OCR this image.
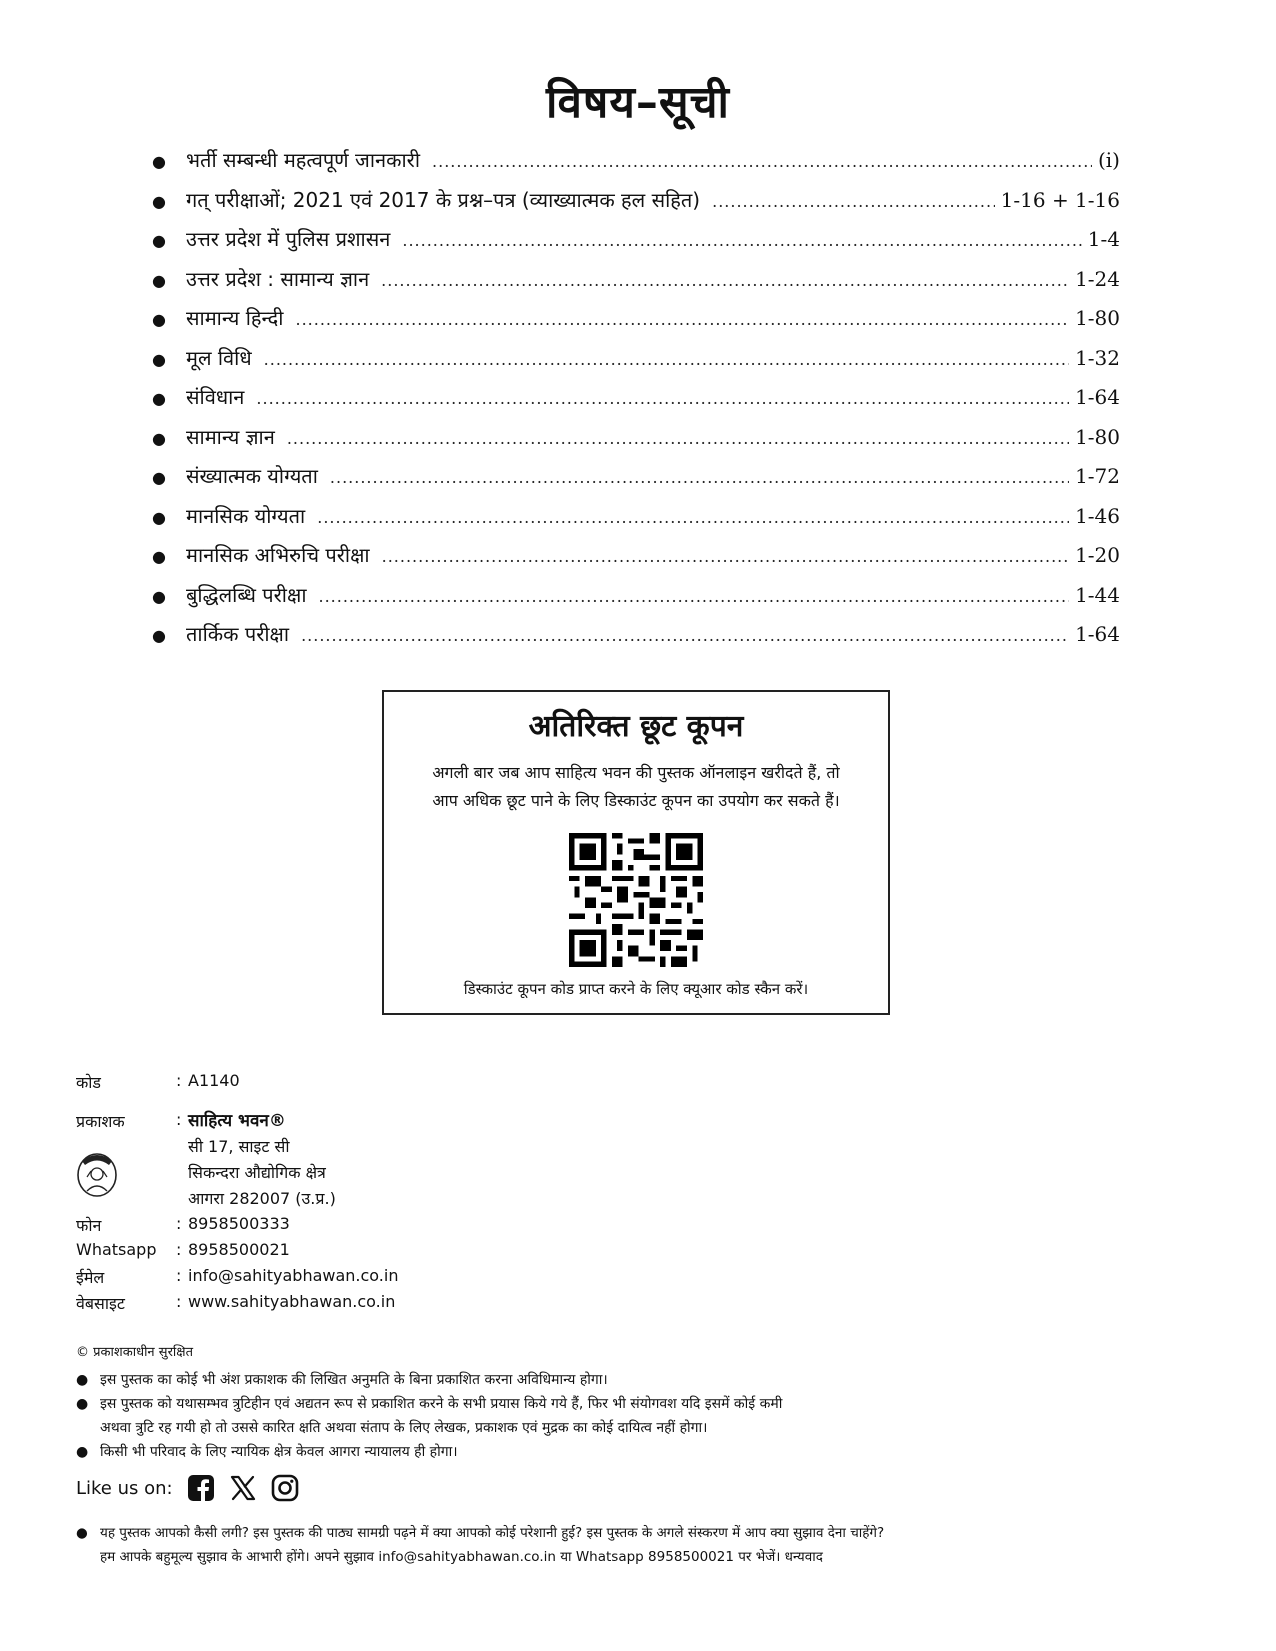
विषय–सूची
●	भर्ती सम्बन्धी महत्वपूर्ण जानकारी .....	(i)
●	गत् परीक्षाओं; 2021 एवं 2017 के प्रश्न–पत्र (व्याख्यात्मक हल सहित) .....	1-16 + 1-16
●	उत्तर प्रदेश में पुलिस प्रशासन .....	1-4
●	उत्तर प्रदेश : सामान्य ज्ञान .....	1-24
●	सामान्य हिन्दी .....	1-80
●	मूल विधि .....	1-32
●	संविधान .....	1-64
●	सामान्य ज्ञान .....	1-80
●	संख्यात्मक योग्यता .....	1-72
●	मानसिक योग्यता .....	1-46
●	मानसिक अभिरुचि परीक्षा .....	1-20
●	बुद्धिलब्धि परीक्षा .....	1-44
●	तार्किक परीक्षा .....	1-64
अतिरिक्त छूट कूपन
अगली बार जब आप साहित्य भवन की पुस्तक ऑनलाइन खरीदते हैं, तो
आप अधिक छूट पाने के लिए डिस्काउंट कूपन का उपयोग कर सकते हैं।
डिस्काउंट कूपन कोड प्राप्त करने के लिए क्यूआर कोड स्कैन करें।
कोड	: A1140
प्रकाशक	: साहित्य भवन®
सी 17, साइट सी
सिकन्दरा औद्योगिक क्षेत्र
आगरा 282007 (उ.प्र.)
फोन	: 8958500333
Whatsapp	: 8958500021
ईमेल	: info@sahityabhawan.co.in
वेबसाइट	: www.sahityabhawan.co.in
© प्रकाशकाधीन सुरक्षित
● इस पुस्तक का कोई भी अंश प्रकाशक की लिखित अनुमति के बिना प्रकाशित करना अविधिमान्य होगा।
● इस पुस्तक को यथासम्भव त्रुटिहीन एवं अद्यतन रूप से प्रकाशित करने के सभी प्रयास किये गये हैं, फिर भी संयोगवश यदि इसमें कोई कमी
अथवा त्रुटि रह गयी हो तो उससे कारित क्षति अथवा संताप के लिए लेखक, प्रकाशक एवं मुद्रक का कोई दायित्व नहीं होगा।
● किसी भी परिवाद के लिए न्यायिक क्षेत्र केवल आगरा न्यायालय ही होगा।
Like us on:
● यह पुस्तक आपको कैसी लगी? इस पुस्तक की पाठ्य सामग्री पढ़ने में क्या आपको कोई परेशानी हुई? इस पुस्तक के अगले संस्करण में आप क्या सुझाव देना चाहेंगे?
हम आपके बहुमूल्य सुझाव के आभारी होंगे। अपने सुझाव info@sahityabhawan.co.in या Whatsapp 8958500021 पर भेजें। धन्यवाद
